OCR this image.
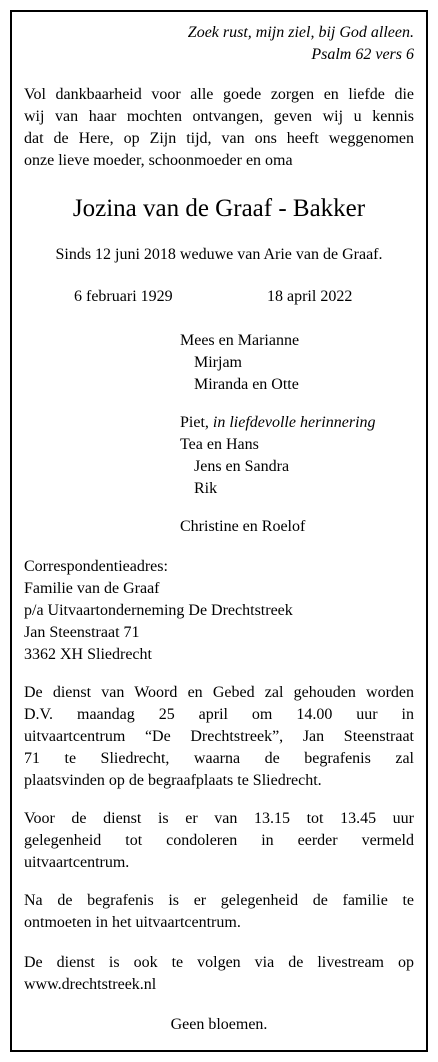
Zoek rust, mijn ziel, bij God alleen.
Psalm 62 vers 6
Vol dankbaarheid voor alle goede zorgen en liefde die
wij van haar mochten ontvangen, geven wij u kennis
dat de Here, op Zijn tijd, van ons heeft weggenomen
onze lieve moeder, schoonmoeder en oma
Jozina van de Graaf - Bakker
Sinds 12 juni 2018 weduwe van Arie van de Graaf.
6 februari 1929	18 april 2022
Mees en Marianne
Mirjam
Miranda en Otte
Piet, in liefdevolle herinnering
Tea en Hans
Jens en Sandra
Rik
Christine en Roelof
Correspondentieadres:
Familie van de Graaf
p/a Uitvaartonderneming De Drechtstreek
Jan Steenstraat 71
3362 XH Sliedrecht
De dienst van Woord en Gebed zal gehouden worden
D.V. maandag 25 april om 14.00 uur in
uitvaartcentrum “De Drechtstreek”, Jan Steenstraat
71 te Sliedrecht, waarna de begrafenis zal
plaatsvinden op de begraafplaats te Sliedrecht.
Voor de dienst is er van 13.15 tot 13.45 uur
gelegenheid tot condoleren in eerder vermeld
uitvaartcentrum.
Na de begrafenis is er gelegenheid de familie te
ontmoeten in het uitvaartcentrum.
De dienst is ook te volgen via de livestream op
www.drechtstreek.nl
Geen bloemen.
